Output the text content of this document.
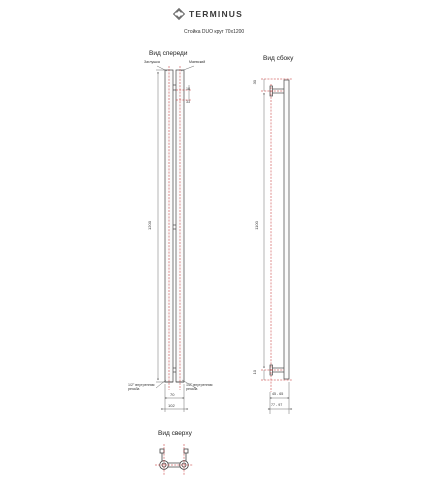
TERMINUS
Стойка DUO круг 70x1200
Вид спереди
Вид сбоку
Вид сверху
Заглушка	Маевский
18
33
1200
1/2" внутренняя резьба
1/2" внутренняя резьба
70
102
1100
30
10
45 - 65
77 - 97
